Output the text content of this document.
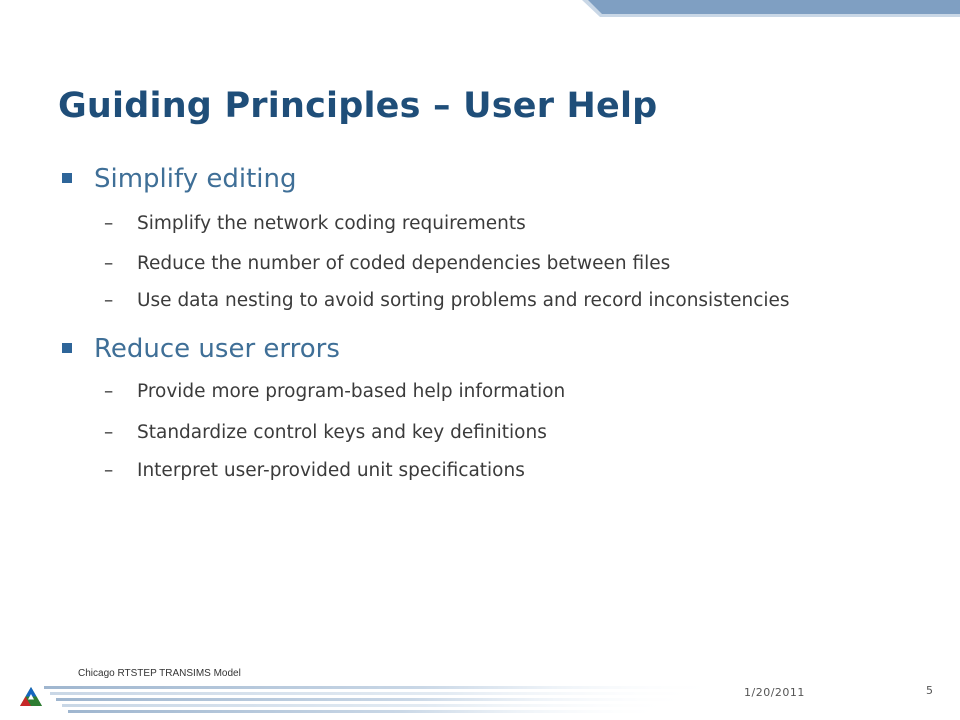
Guiding Principles – User Help
Simplify editing
– Simplify the network coding requirements
– Reduce the number of coded dependencies between files
– Use data nesting to avoid sorting problems and record inconsistencies
Reduce user errors
– Provide more program-based help information
– Standardize control keys and key definitions
– Interpret user-provided unit specifications
Chicago RTSTEP TRANSIMS Model
1/20/2011	5
